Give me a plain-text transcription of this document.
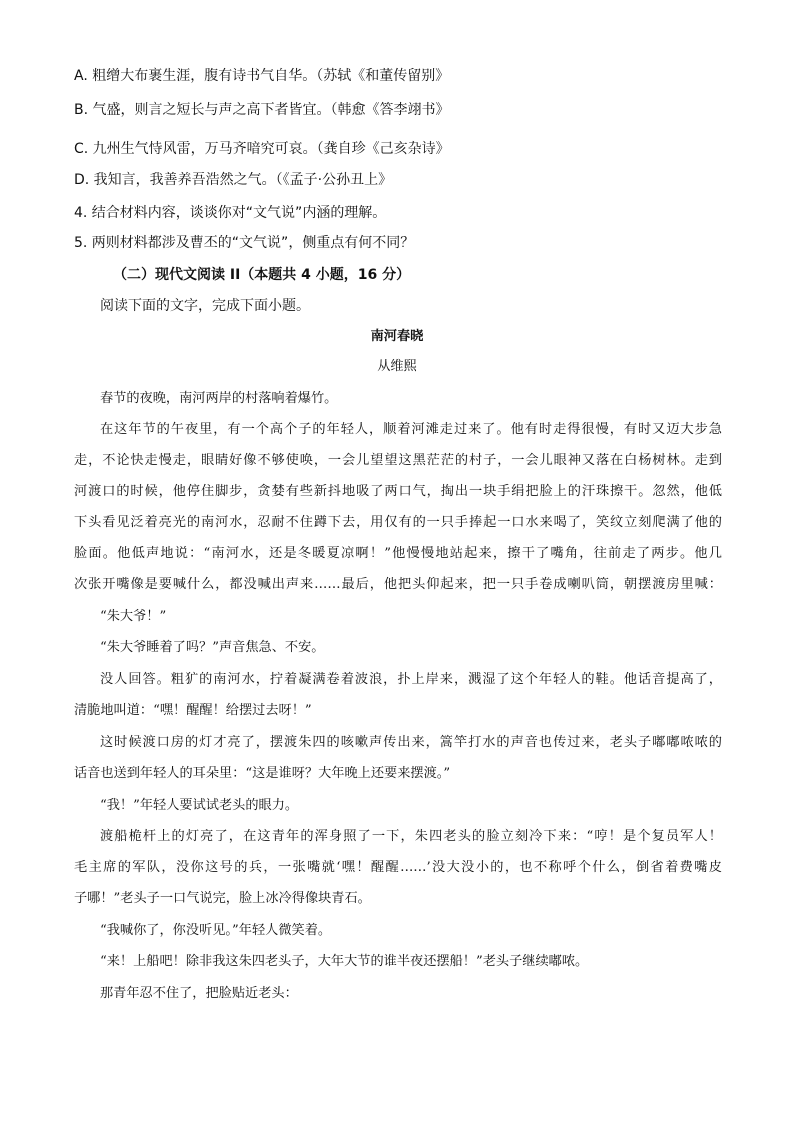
A. 粗缯大布裹生涯，腹有诗书气自华。（苏轼《和董传留别》
B. 气盛，则言之短长与声之高下者皆宜。（韩愈《答李翊书》
C. 九州生气恃风雷，万马齐喑究可哀。（龚自珍《己亥杂诗》
D. 我知言，我善养吾浩然之气。（《孟子·公孙丑上》
4. 结合材料内容，谈谈你对“文气说”内涵的理解。
5. 两则材料都涉及曹丕的“文气说”，侧重点有何不同？
（二）现代文阅读 II（本题共 4 小题，16 分）
阅读下面的文字，完成下面小题。
南河春晓
从维熙
春节的夜晚，南河两岸的村落响着爆竹。
在这年节的午夜里，有一个高个子的年轻人，顺着河滩走过来了。他有时走得很慢，有时又迈大步急
走，不论快走慢走，眼睛好像不够使唤，一会儿望望这黑茫茫的村子，一会儿眼神又落在白杨树林。走到
河渡口的时候，他停住脚步，贪婪有些新抖地吸了两口气，掏出一块手绢把脸上的汗珠擦干。忽然，他低
下头看见泛着亮光的南河水，忍耐不住蹲下去，用仅有的一只手捧起一口水来喝了，笑纹立刻爬满了他的
脸面。他低声地说：“南河水，还是冬暖夏凉啊！”他慢慢地站起来，擦干了嘴角，往前走了两步。他几
次张开嘴像是要喊什么，都没喊出声来……最后，他把头仰起来，把一只手卷成喇叭筒，朝摆渡房里喊：
“朱大爷！”
“朱大爷睡着了吗？”声音焦急、不安。
没人回答。粗犷的南河水，拧着凝满卷着波浪，扑上岸来，溅湿了这个年轻人的鞋。他话音提高了，
清脆地叫道：“嘿！醒醒！给摆过去呀！”
这时候渡口房的灯才亮了，摆渡朱四的咳嗽声传出来，篙竿打水的声音也传过来，老头子嘟嘟哝哝的
话音也送到年轻人的耳朵里：“这是谁呀？大年晚上还要来摆渡。”
“我！”年轻人要试试老头的眼力。
渡船桅杆上的灯亮了，在这青年的浑身照了一下，朱四老头的脸立刻冷下来：“哼！是个复员军人！
毛主席的军队，没你这号的兵，一张嘴就‘嘿！醒醒……’没大没小的，也不称呼个什么，倒省着费嘴皮
子哪！”老头子一口气说完，脸上冰冷得像块青石。
“我喊你了，你没听见。”年轻人微笑着。
“来！上船吧！除非我这朱四老头子，大年大节的谁半夜还摆船！”老头子继续嘟哝。
那青年忍不住了，把脸贴近老头：
